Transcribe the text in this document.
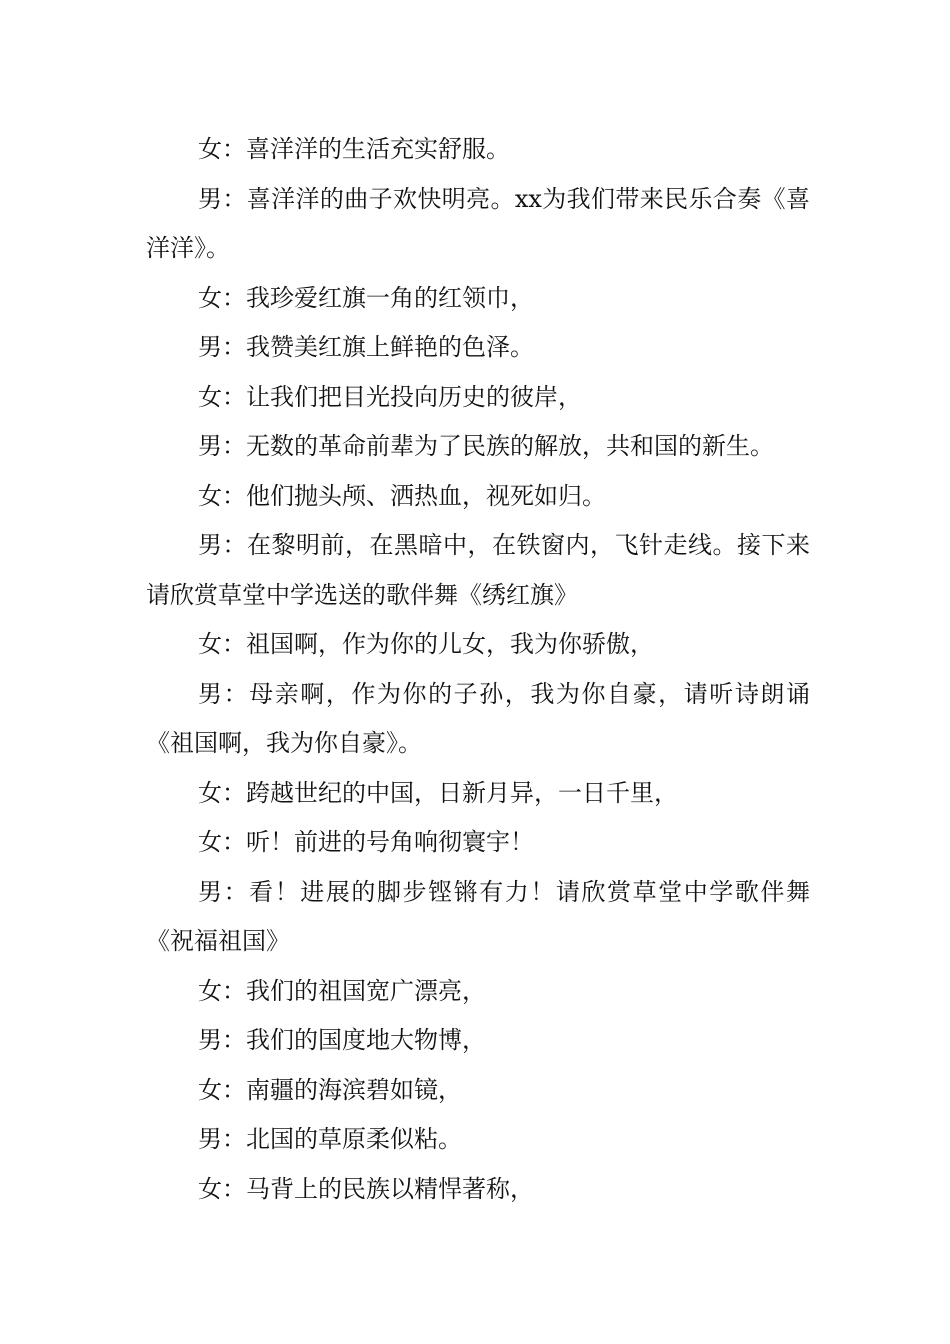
女：喜洋洋的生活充实舒服。

男：喜洋洋的曲子欢快明亮。xx为我们带来民乐合奏《喜洋洋》。

女：我珍爱红旗一角的红领巾，

男：我赞美红旗上鲜艳的色泽。

女：让我们把目光投向历史的彼岸，

男：无数的革命前辈为了民族的解放，共和国的新生。

女：他们抛头颅、洒热血，视死如归。

男：在黎明前，在黑暗中，在铁窗内，飞针走线。接下来请欣赏草堂中学选送的歌伴舞《绣红旗》

女：祖国啊，作为你的儿女，我为你骄傲，

男：母亲啊，作为你的子孙，我为你自豪，请听诗朗诵《祖国啊，我为你自豪》。

女：跨越世纪的中国，日新月异，一日千里，

女：听！前进的号角响彻寰宇！

男：看！进展的脚步铿锵有力！请欣赏草堂中学歌伴舞《祝福祖国》

女：我们的祖国宽广漂亮，

男：我们的国度地大物博，

女：南疆的海滨碧如镜，

男：北国的草原柔似粘。

女：马背上的民族以精悍著称，
